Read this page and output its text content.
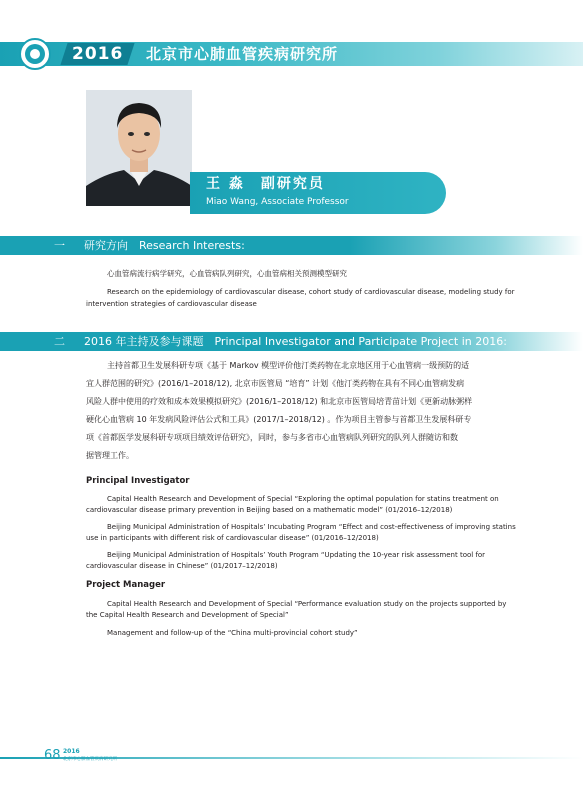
2016	北京市心肺血管疾病研究所
王 淼　副研究员
Miao Wang, Associate Professor
一 研究方向　Research Interests:
心血管病流行病学研究，心血管病队列研究，心血管病相关预测模型研究
Research on the epidemiology of cardiovascular disease, cohort study of cardiovascular disease, modeling study for
intervention strategies of cardiovascular disease
二 2016 年主持及参与课题　Principal Investigator and Participate Project in 2016:
主持首都卫生发展科研专项《基于 Markov 模型评价他汀类药物在北京地区用于心血管病一级预防的适
宜人群范围的研究》(2016/1–2018/12), 北京市医管局 “培育” 计划《他汀类药物在具有不同心血管病发病
风险人群中使用的疗效和成本效果模拟研究》(2016/1–2018/12) 和北京市医管局培青苗计划《更新动脉粥样
硬化心血管病 10 年发病风险评估公式和工具》(2017/1–2018/12) 。作为项目主管参与首都卫生发展科研专
项《首都医学发展科研专项项目绩效评估研究》，同时，参与多省市心血管病队列研究的队列人群随访和数
据管理工作。
Principal Investigator
Capital Health Research and Development of Special “Exploring the optimal population for statins treatment on
cardiovascular disease primary prevention in Beijing based on a mathematic model” (01/2016–12/2018)
Beijing Municipal Administration of Hospitals’ Incubating Program “Effect and cost-effectiveness of improving statins
use in participants with different risk of cardiovascular disease” (01/2016–12/2018)
Beijing Municipal Administration of Hospitals’ Youth Program “Updating the 10-year risk assessment tool for
cardiovascular disease in Chinese” (01/2017–12/2018)
Project Manager
Capital Health Research and Development of Special “Performance evaluation study on the projects supported by
the Capital Health Research and Development of Special”
Management and follow-up of the “China multi-provincial cohort study”
68 2016
北京市心肺血管疾病研究所
